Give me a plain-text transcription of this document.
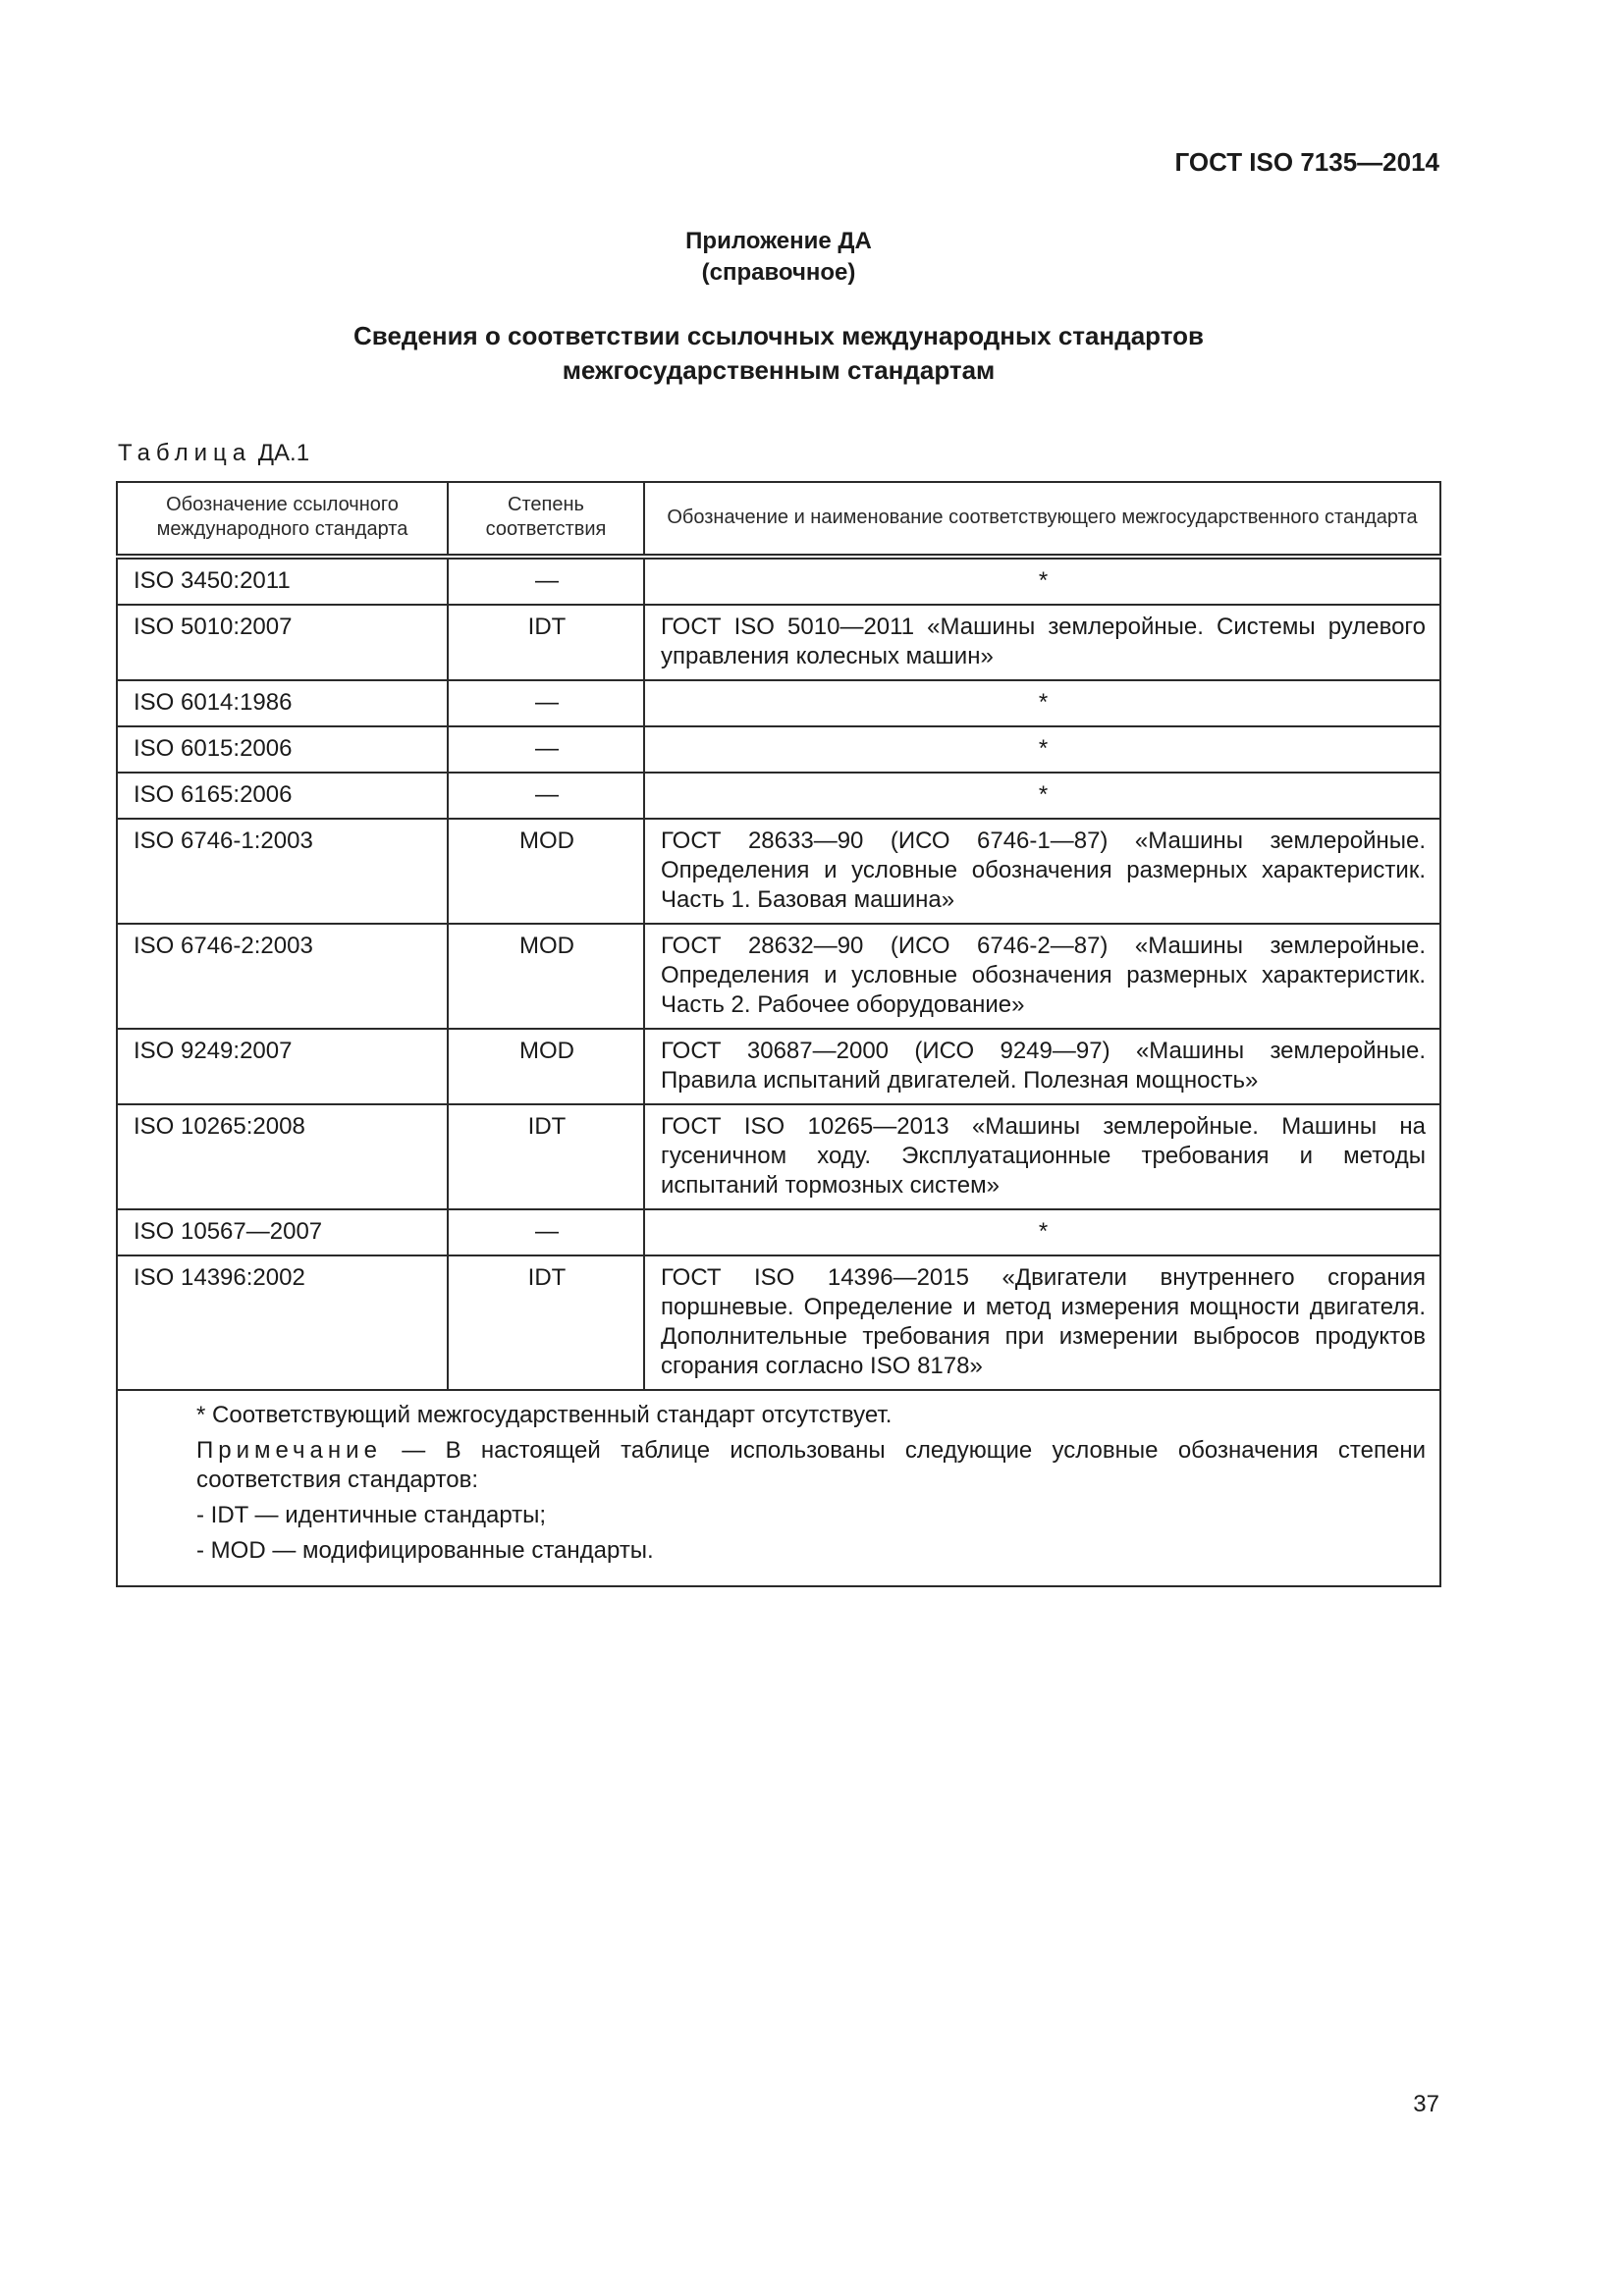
ГОСТ ISO 7135—2014
Приложение ДА
(справочное)
Сведения о соответствии ссылочных международных стандартов
межгосударственным стандартам
Таблица ДА.1
Обозначение ссылочного международного стандарта	Степень соответствия	Обозначение и наименование соответствующего межгосударственного стандарта
ISO 3450:2011	—	*
ISO 5010:2007	IDT	ГОСТ ISO 5010—2011 «Машины землеройные. Системы рулевого управления колесных машин»
ISO 6014:1986	—	*
ISO 6015:2006	—	*
ISO 6165:2006	—	*
ISO 6746-1:2003	MOD	ГОСТ 28633—90 (ИСО 6746-1—87) «Машины землеройные. Определения и условные обозначения размерных характеристик. Часть 1. Базовая машина»
ISO 6746-2:2003	MOD	ГОСТ 28632—90 (ИСО 6746-2—87) «Машины землеройные. Определения и условные обозначения размерных характеристик. Часть 2. Рабочее оборудование»
ISO 9249:2007	MOD	ГОСТ 30687—2000 (ИСО 9249—97) «Машины землеройные. Правила испытаний двигателей. Полезная мощность»
ISO 10265:2008	IDT	ГОСТ ISO 10265—2013 «Машины землеройные. Машины на гусеничном ходу. Эксплуатационные требования и методы испытаний тормозных систем»
ISO 10567—2007	—	*
ISO 14396:2002	IDT	ГОСТ ISO 14396—2015 «Двигатели внутреннего сгорания поршневые. Определение и метод измерения мощности двигателя. Дополнительные требования при измерении выбросов продуктов сгорания согласно ISO 8178»

* Соответствующий межгосударственный стандарт отсутствует.
Примечание — В настоящей таблице использованы следующие условные обозначения степени соответствия стандартов:
- IDT — идентичные стандарты;
- MOD — модифицированные стандарты.		
37
